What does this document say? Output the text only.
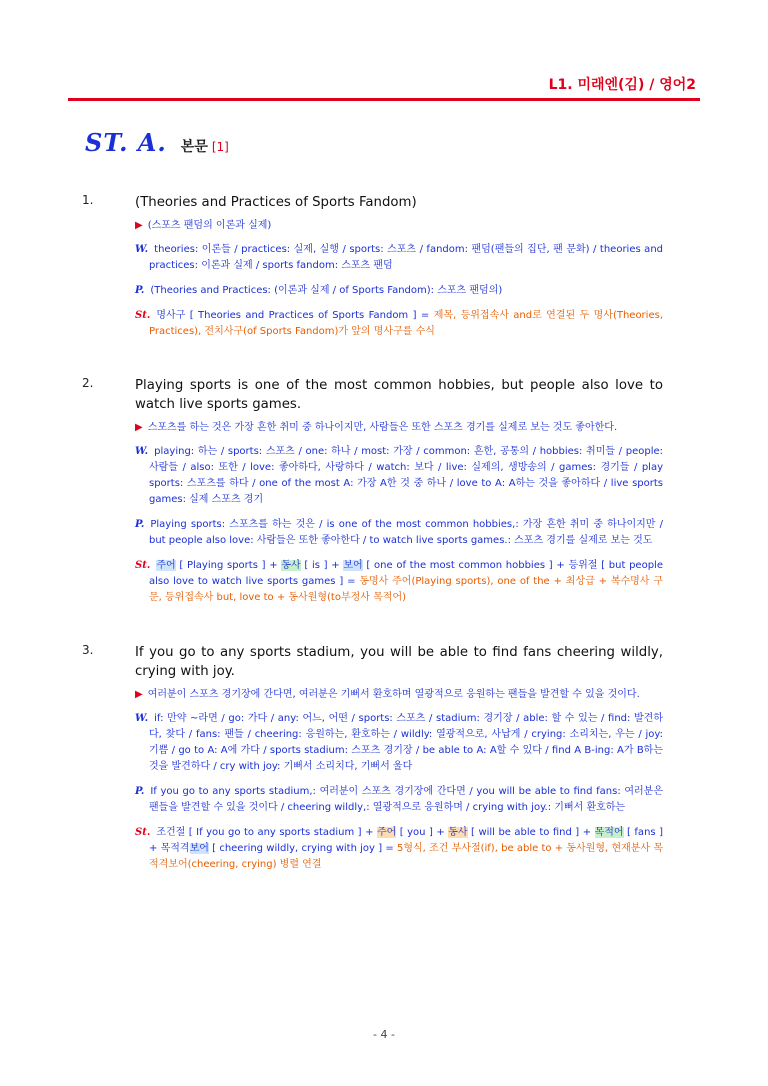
L1. 미래엔(김) / 영어2
ST. A. 본문 [1]
1.	(Theories and Practices of Sports Fandom)
▶ (스포츠 팬덤의 이론과 실제)
W. theories: 이론들 / practices: 실제, 실행 / sports: 스포츠 / fandom: 팬덤(팬들의 집단, 팬 문화) / theories and practices: 이론과 실제 / sports fandom: 스포츠 팬덤
P. (Theories and Practices: (이론과 실제 / of Sports Fandom): 스포츠 팬덤의)
St. 명사구 [ Theories and Practices of Sports Fandom ] = 제목, 등위접속사 and로 연결된 두 명사(Theories, Practices), 전치사구(of Sports Fandom)가 앞의 명사구를 수식
2.	Playing sports is one of the most common hobbies, but people also love to watch live sports games.
▶ 스포츠를 하는 것은 가장 흔한 취미 중 하나이지만, 사람들은 또한 스포츠 경기를 실제로 보는 것도 좋아한다.
W. playing: 하는 / sports: 스포츠 / one: 하나 / most: 가장 / common: 흔한, 공통의 / hobbies: 취미들 / people: 사람들 / also: 또한 / love: 좋아하다, 사랑하다 / watch: 보다 / live: 실제의, 생방송의 / games: 경기들 / play sports: 스포츠를 하다 / one of the most A: 가장 A한 것 중 하나 / love to A: A하는 것을 좋아하다 / live sports games: 실제 스포츠 경기
P. Playing sports: 스포츠를 하는 것은 / is one of the most common hobbies,: 가장 흔한 취미 중 하나이지만 / but people also love: 사람들은 또한 좋아한다 / to watch live sports games.: 스포츠 경기를 실제로 보는 것도
St. 주어 [ Playing sports ] + 동사 [ is ] + 보어 [ one of the most common hobbies ] + 등위절 [ but people also love to watch live sports games ] = 동명사 주어(Playing sports), one of the + 최상급 + 복수명사 구문, 등위접속사 but, love to + 동사원형(to부정사 목적어)
3.	If you go to any sports stadium, you will be able to find fans cheering wildly, crying with joy.
▶ 여러분이 스포츠 경기장에 간다면, 여러분은 기뻐서 환호하며 열광적으로 응원하는 팬들을 발견할 수 있을 것이다.
W. if: 만약 ~라면 / go: 가다 / any: 어느, 어떤 / sports: 스포츠 / stadium: 경기장 / able: 할 수 있는 / find: 발견하다, 찾다 / fans: 팬들 / cheering: 응원하는, 환호하는 / wildly: 열광적으로, 사납게 / crying: 소리치는, 우는 / joy: 기쁨 / go to A: A에 가다 / sports stadium: 스포츠 경기장 / be able to A: A할 수 있다 / find A B-ing: A가 B하는 것을 발견하다 / cry with joy: 기뻐서 소리치다, 기뻐서 울다
P. If you go to any sports stadium,: 여러분이 스포츠 경기장에 간다면 / you will be able to find fans: 여러분은 팬들을 발견할 수 있을 것이다 / cheering wildly,: 열광적으로 응원하며 / crying with joy.: 기뻐서 환호하는
St. 조건절 [ If you go to any sports stadium ] + 주어 [ you ] + 동사 [ will be able to find ] + 목적어 [ fans ] + 목적격보어 [ cheering wildly, crying with joy ] = 5형식, 조건 부사절(if), be able to + 동사원형, 현재분사 목적격보어(cheering, crying) 병렬 연결
- 4 -
